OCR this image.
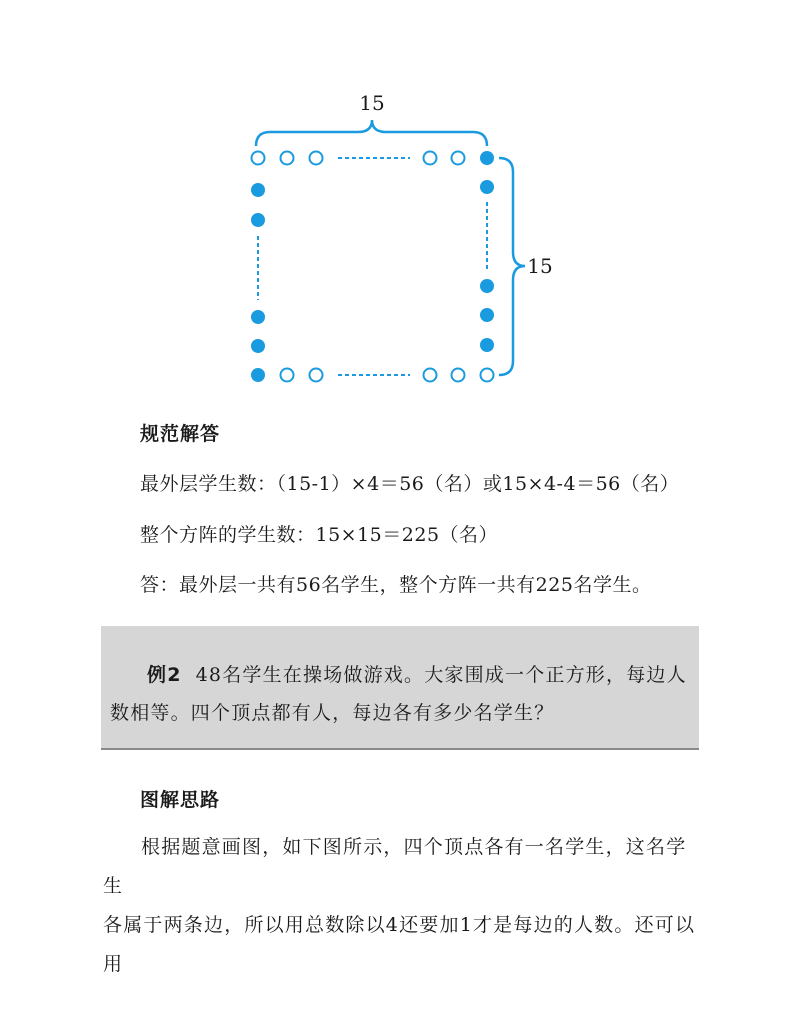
15
15
规范解答
最外层学生数：（15-1）×4＝56（名）或15×4-4＝56（名）
整个方阵的学生数：15×15＝225（名）
答：最外层一共有56名学生，整个方阵一共有225名学生。
例2 48名学生在操场做游戏。大家围成一个正方形，每边人
数相等。四个顶点都有人，每边各有多少名学生？
图解思路
根据题意画图，如下图所示，四个顶点各有一名学生，这名学生
各属于两条边，所以用总数除以4还要加1才是每边的人数。还可以用
